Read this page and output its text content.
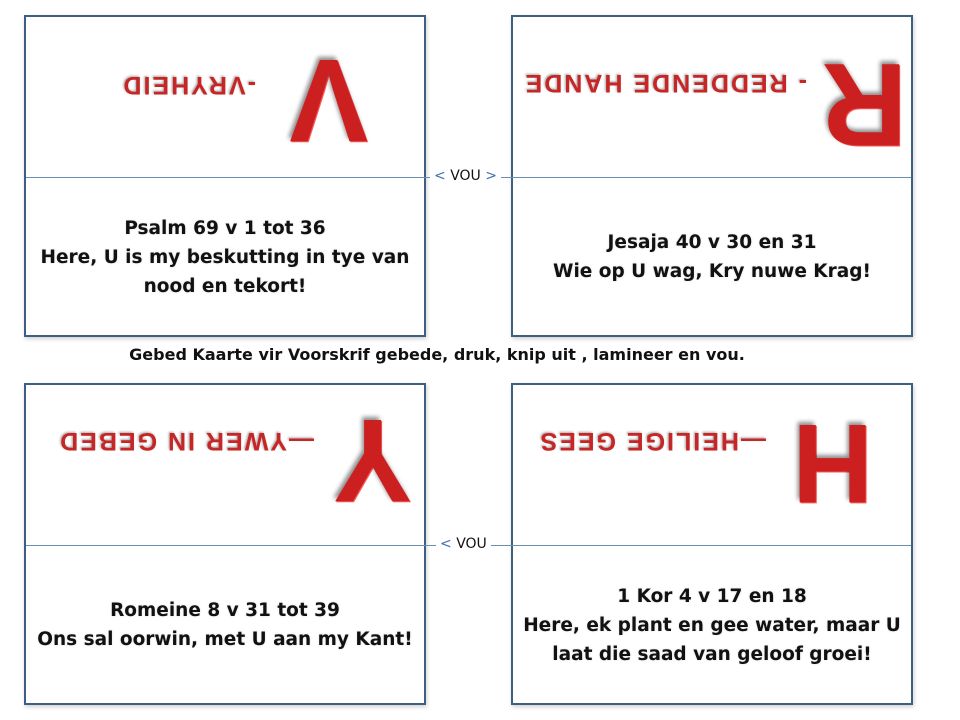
V
-VRYHEID
Psalm 69 v 1 tot 36
Here, U is my beskutting in tye van
nood en tekort!
R
- REDDENDE HANDE
Jesaja 40 v 30 en 31
Wie op U wag, Kry nuwe Krag!
Y
—YWER IN GEBED
Romeine 8 v 31 tot 39
Ons sal oorwin, met U aan my Kant!
H
—HEILIGE GEES
1 Kor 4 v 17 en 18
Here, ek plant en gee water, maar U
laat die saad van geloof groei!
< VOU >
< VOU
Gebed Kaarte vir Voorskrif gebede, druk, knip uit , lamineer en vou.
